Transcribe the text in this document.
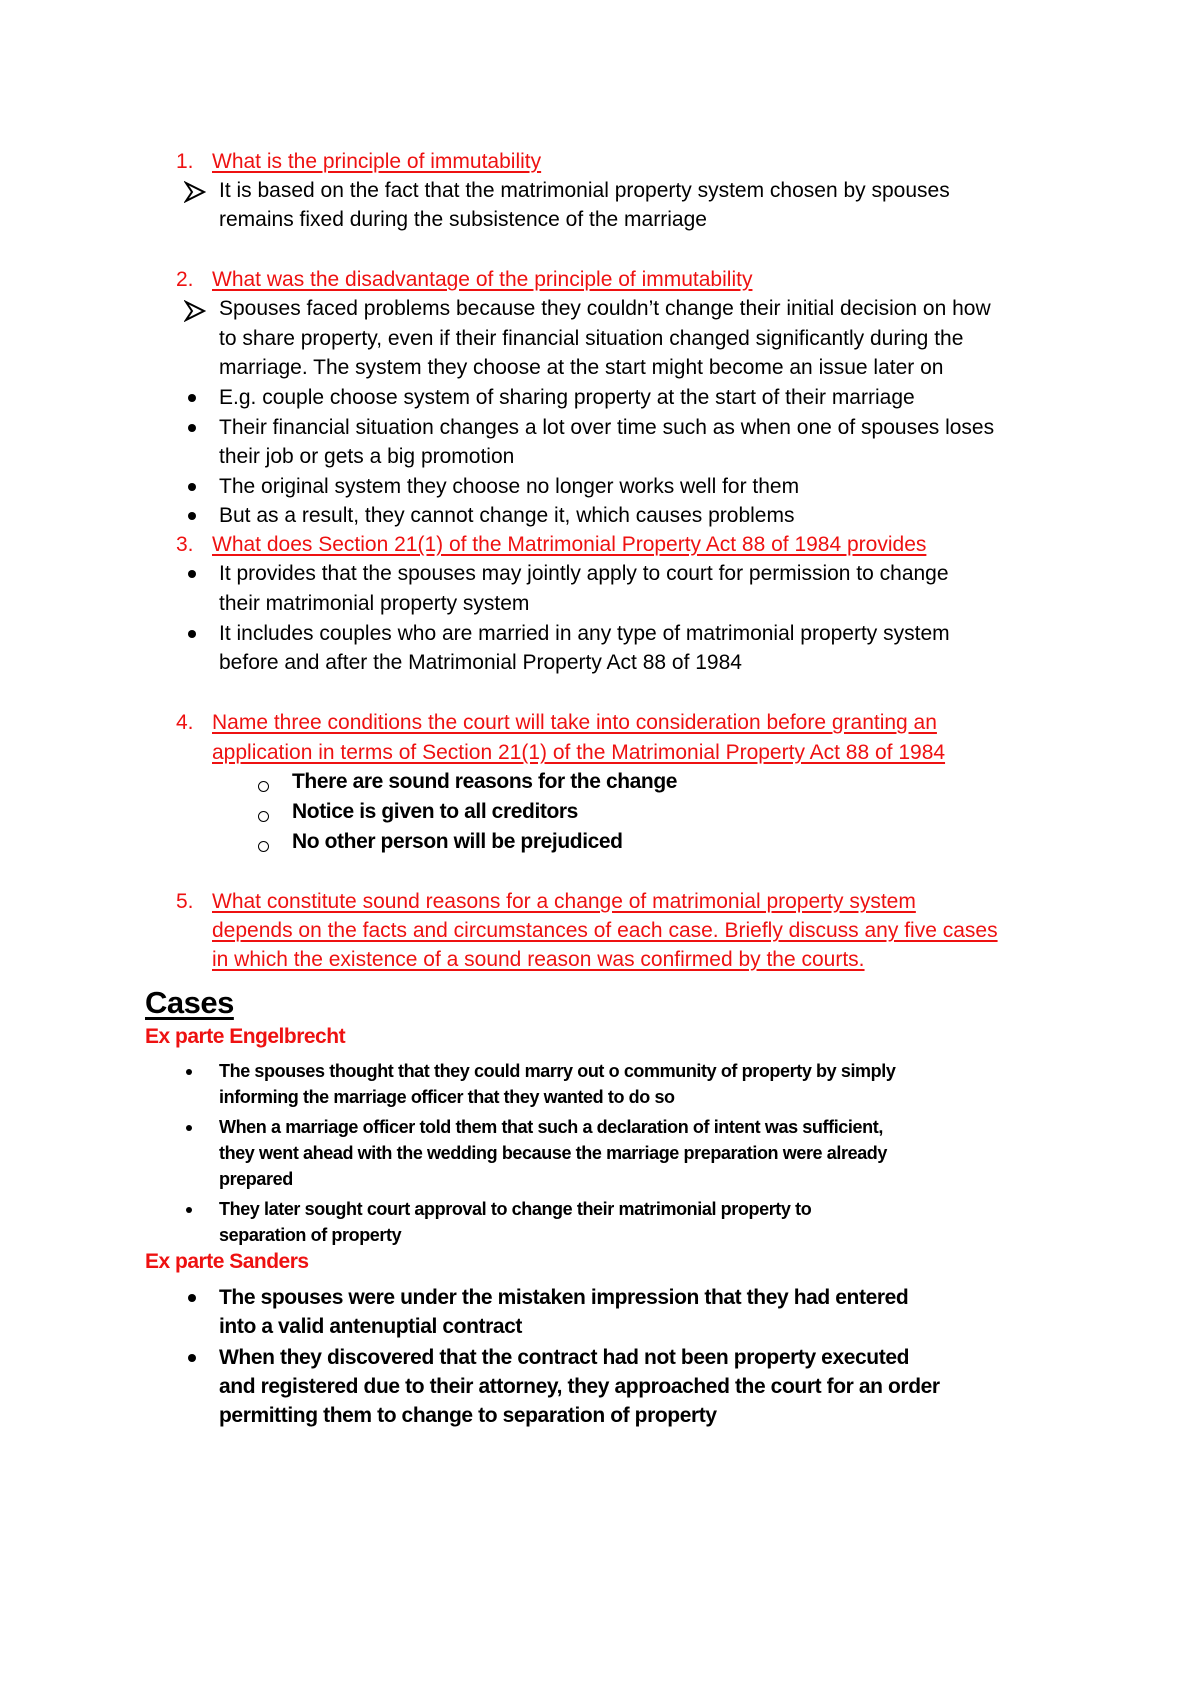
1. What is the principle of immutability
It is based on the fact that the matrimonial property system chosen by spouses
remains fixed during the subsistence of the marriage
2. What was the disadvantage of the principle of immutability
Spouses faced problems because they couldn’t change their initial decision on how
to share property, even if their financial situation changed significantly during the
marriage. The system they choose at the start might become an issue later on
E.g. couple choose system of sharing property at the start of their marriage
Their financial situation changes a lot over time such as when one of spouses loses
their job or gets a big promotion
The original system they choose no longer works well for them
But as a result, they cannot change it, which causes problems
3. What does Section 21(1) of the Matrimonial Property Act 88 of 1984 provides
It provides that the spouses may jointly apply to court for permission to change
their matrimonial property system
It includes couples who are married in any type of matrimonial property system
before and after the Matrimonial Property Act 88 of 1984
4. Name three conditions the court will take into consideration before granting an
application in terms of Section 21(1) of the Matrimonial Property Act 88 of 1984
There are sound reasons for the change
Notice is given to all creditors
No other person will be prejudiced
5. What constitute sound reasons for a change of matrimonial property system
depends on the facts and circumstances of each case. Briefly discuss any five cases
in which the existence of a sound reason was confirmed by the courts.
Cases
Ex parte Engelbrecht
The spouses thought that they could marry out o community of property by simply
informing the marriage officer that they wanted to do so
When a marriage officer told them that such a declaration of intent was sufficient,
they went ahead with the wedding because the marriage preparation were already
prepared
They later sought court approval to change their matrimonial property to
separation of property
Ex parte Sanders
The spouses were under the mistaken impression that they had entered
into a valid antenuptial contract
When they discovered that the contract had not been property executed
and registered due to their attorney, they approached the court for an order
permitting them to change to separation of property
